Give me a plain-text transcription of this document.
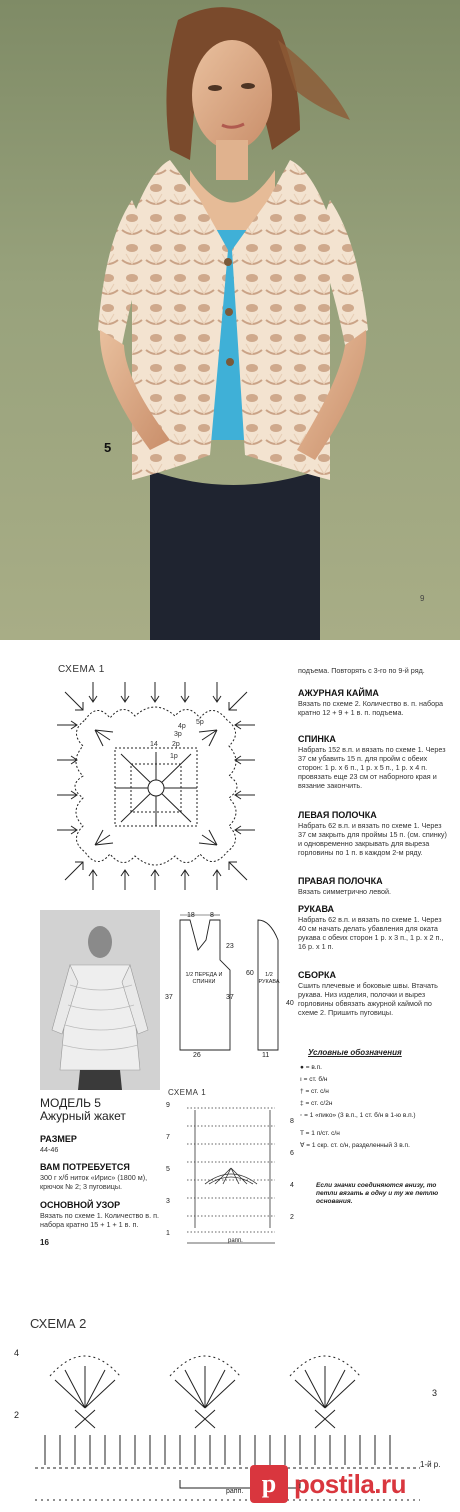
5
9
СХЕМА 1
14
1р
2р
3р
4р
5р
подъема. Повторять с 3-го по 9-й ряд.
АЖУРНАЯ КАЙМА
Вязать по схеме 2. Количество в. п. набора кратно 12 + 9 + 1 в. п. подъема.
СПИНКА
Набрать 152 в.п. и вязать по схеме 1. Через 37 см убавить 15 п. для пройм с обеих сторон: 1 р. х 6 п., 1 р. х 5 п., 1 р. х 4 п. провязать еще 23 см от наборного края и вязание закончить.
ЛЕВАЯ ПОЛОЧКА
Набрать 62 в.п. и вязать по схеме 1. Через 37 см закрыть для проймы 15 п. (см. спинку) и одновременно закрывать для выреза горловины по 1 п. в каждом 2-м ряду.
ПРАВАЯ ПОЛОЧКА
Вязать симметрично левой.
РУКАВА
Набрать 62 в.п. и вязать по схеме 1. Через 40 см начать делать убавления для оката рукава с обеих сторон 1 р. х 3 п., 1 р. х 2 п., 16 р. х 1 п.
СБОРКА
Сшить плечевые и боковые швы. Втачать рукава. Низ изделия, полочки и вырез горловины обвязать ажурной каймой по схеме 2. Пришить пуговицы.
18 8
23
37	37
26
60
40
11
1/2 ПЕРЕДА И СПИНКИ
1/2 РУКАВА
МОДЕЛЬ 5
Ажурный жакет
РАЗМЕР
44-46
ВАМ ПОТРЕБУЕТСЯ
300 г х/б ниток «Ирис» (1800 м), крючок № 2; 3 пуговицы.
ОСНОВНОЙ УЗОР
Вязать по схеме 1. Количество в. п. набора кратно 15 + 1 + 1 в. п.
16
СХЕМА 1
9
7
5
3
1
8
6
4
2
рапп.
Условные обозначения
● = в.п.
ı = ст. б/н
† = ст. с/н
‡ = ст. с/2н
◦ = 1 «пико» (3 в.п., 1 ст. б/н в 1-ю в.п.)
T = 1 п/ст. с/н
∀ = 1 скр. ст. с/н, разделенный 3 в.п.
Если значки соединяются внизу, то петли вязать в одну и ту же петлю основания.
СХЕМА 2
4
2
3
1-й р.
рапп. p postila.ru
